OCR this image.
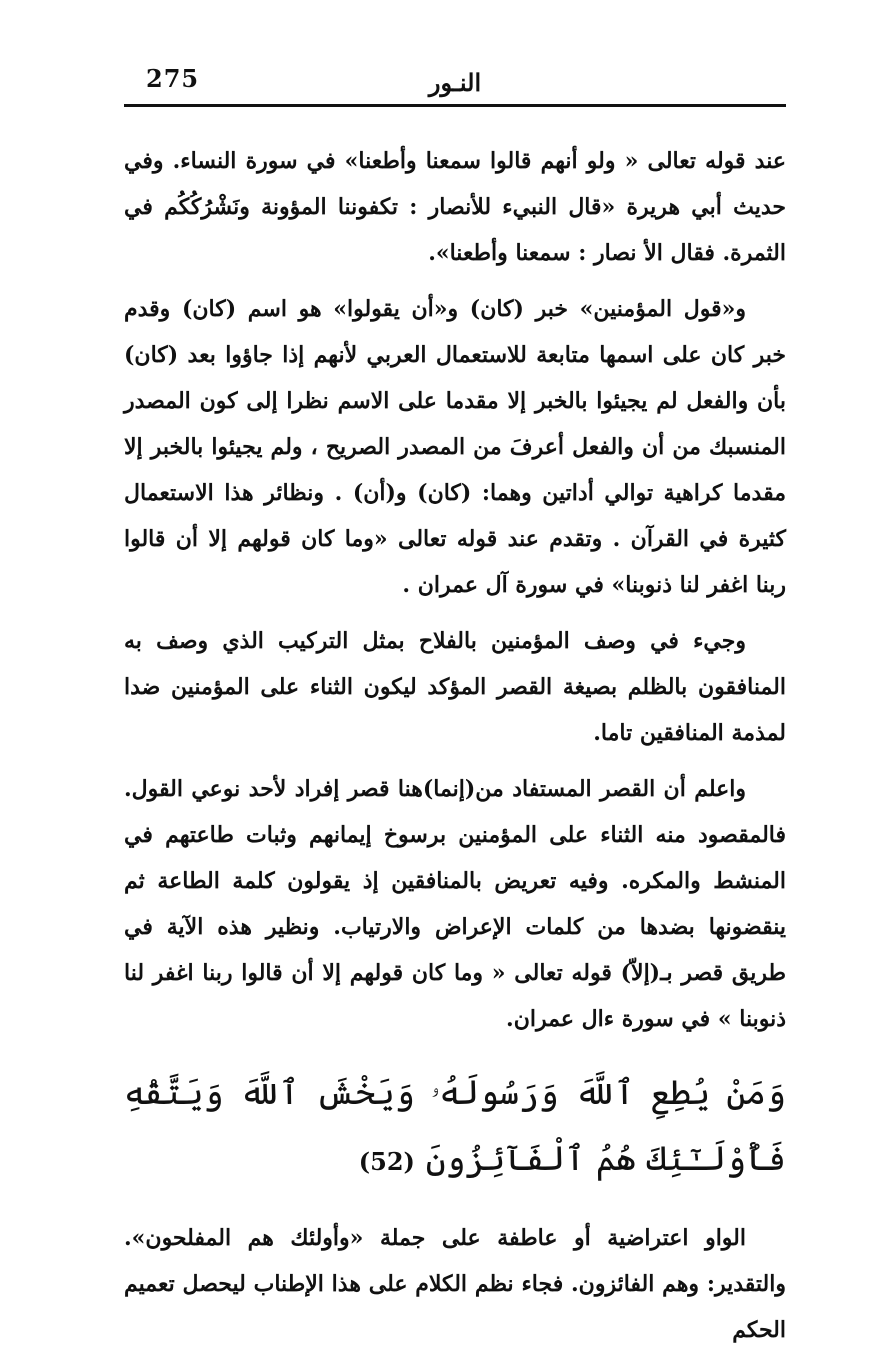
275	النـور

عند قوله تعالى « ولو أنهم قالوا سمعنا وأطعنا» في سورة النساء. وفي حديث أبي هريرة «قال النبيء للأنصار : تكفوننا المؤونة ونَشْرُكُكُم في الثمرة. فقال الأ نصار : سمعنا وأطعنا».

و«قول المؤمنين» خبر (كان) و«أن يقولوا» هو اسم (كان) وقدم خبر كان على اسمها متابعة للاستعمال العربي لأنهم إذا جاؤوا بعد (كان) بأن والفعل لم يجيئوا بالخبر إلا مقدما على الاسم نظرا إلى كون المصدر المنسبك من أن والفعل أعرفَ من المصدر الصريح ، ولم يجيئوا بالخبر إلا مقدما كراهية توالي أداتين وهما: (كان) و(أن) . ونظائر هذا الاستعمال كثيرة في القرآن . وتقدم عند قوله تعالى «وما كان قولهم إلا أن قالوا ربنا اغفر لنا ذنوبنا» في سورة آل عمران .

وجيء في وصف المؤمنين بالفلاح بمثل التركيب الذي وصف به المنافقون بالظلم بصيغة القصر المؤكد ليكون الثناء على المؤمنين ضدا لمذمة المنافقين تاما.

واعلم أن القصر المستفاد من(إنما)هنا قصر إفراد لأحد نوعي القول. فالمقصود منه الثناء على المؤمنين برسوخ إيمانهم وثبات طاعتهم في المنشط والمكره. وفيه تعريض بالمنافقين إذ يقولون كلمة الطاعة ثم ينقضونها بضدها من كلمات الإعراض والارتياب. ونظير هذه الآية في طريق قصر بـ(إلاّ) قوله تعالى « وما كان قولهم إلا أن قالوا ربنا اغفر لنا ذنوبنا » في سورة ءال عمران.

وَمَنْ يُطِعِ ٱللَّهَ وَرَسُولَهُۥ وَيَخْشَ ٱللَّهَ وَيَتَّقْهِ فَأُوْلَـٰٓئِكَ هُمُ ٱلْفَآئِزُونَ (52)

الواو اعتراضية أو عاطفة على جملة «وأولئك هم المفلحون». والتقدير: وهم الفائزون. فجاء نظم الكلام على هذا الإطناب ليحصل تعميم الحكم
